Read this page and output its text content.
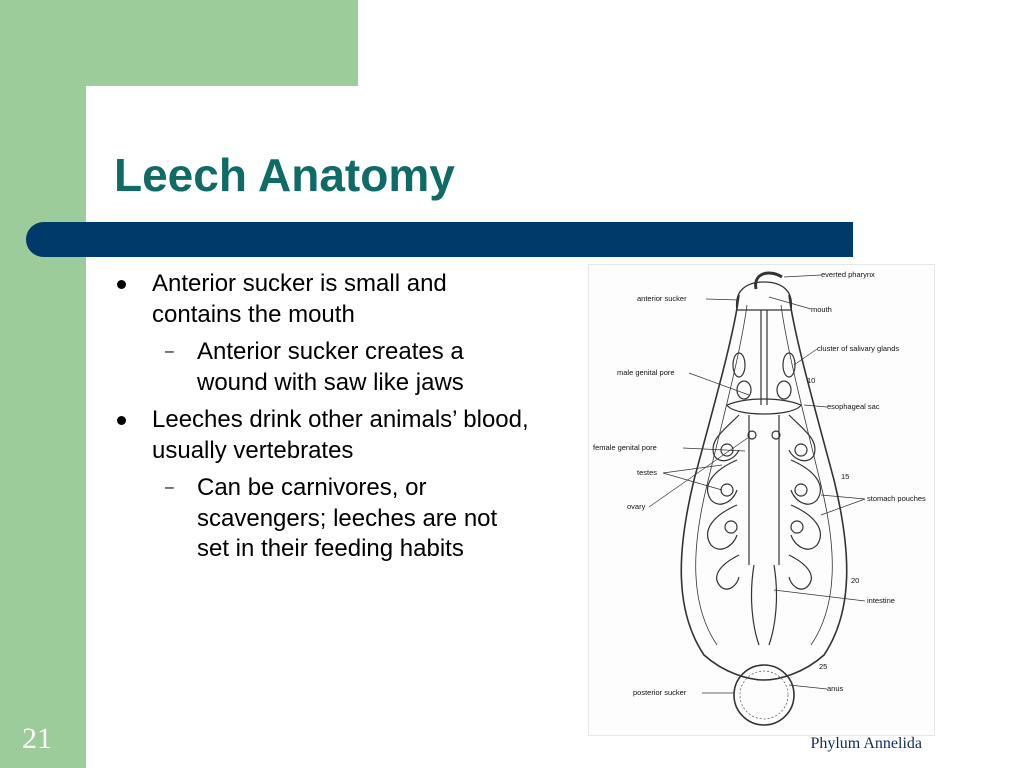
Leech Anatomy
Anterior sucker is small and contains the mouth
– Anterior sucker creates a wound with saw like jaws
Leeches drink other animals’ blood, usually vertebrates
– Can be carnivores, or scavengers; leeches are not set in their feeding habits
everted pharynx
anterior sucker
mouth
cluster of salivary glands
male genital pore
10
esophageal sac
female genital pore
testes	15
stomach pouches
ovary
20
intestine
25
anus
posterior sucker
21	Phylum Annelida
